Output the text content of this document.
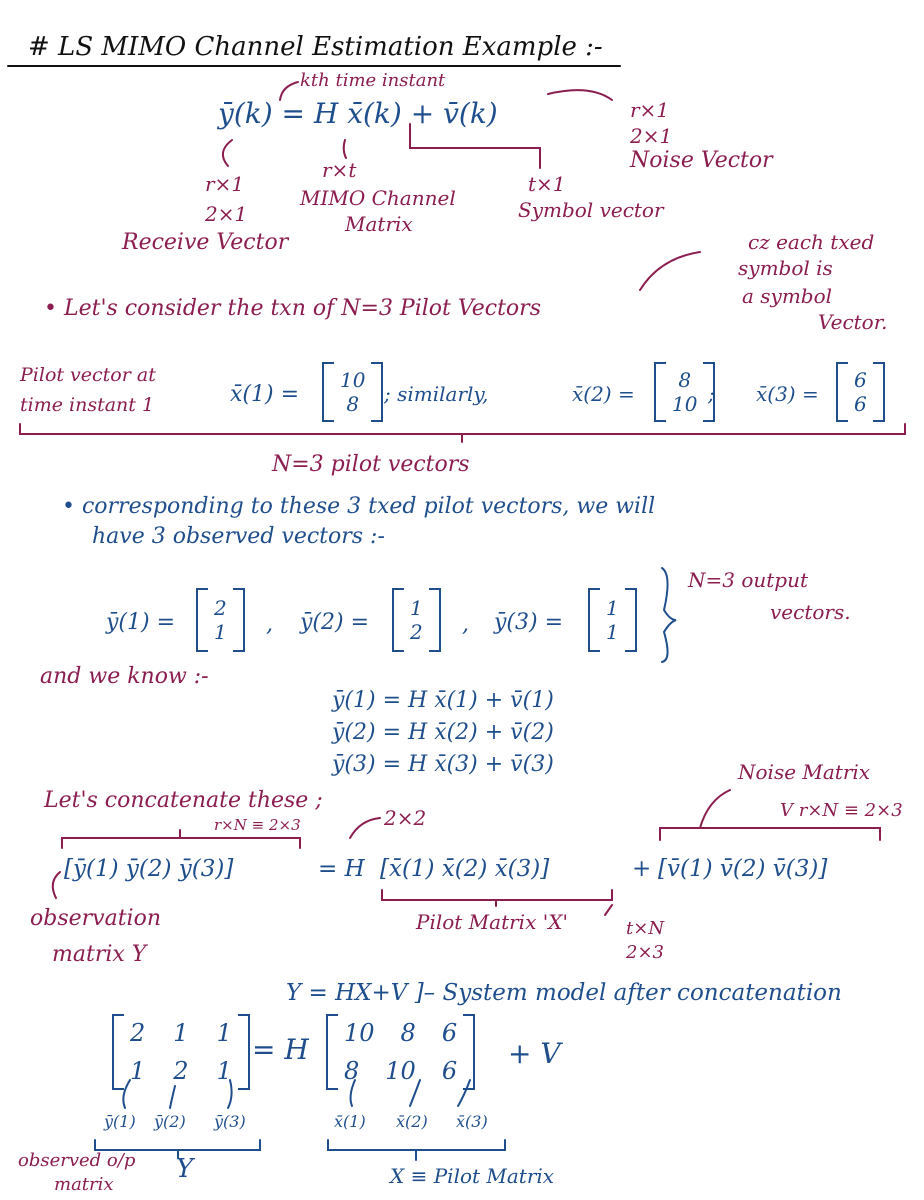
# LS MIMO Channel Estimation Example :-
kth time instant
ȳ(k) = H x̄(k) + v̄(k)
r×1
2×1
Receive Vector
r×t
MIMO Channel
Matrix
t×1
Symbol vector
r×1
2×1
Noise Vector
• Let's consider the txn of N=3 Pilot Vectors
cz each txed
symbol is
a symbol
Vector.
Pilot vector at
time instant 1	x̄(1) =
10
8	; similarly,	x̄(2) =
8
10 ; x̄(3) =
6
6
N=3 pilot vectors
• corresponding to these 3 txed pilot vectors, we will
have 3 observed vectors :-
ȳ(1) =
2
1 , ȳ(2) =
1
2 , ȳ(3) =
1
1
N=3 output
vectors.
and we know :-
ȳ(1) = H x̄(1) + v̄(1)
ȳ(2) = H x̄(2) + v̄(2)
ȳ(3) = H x̄(3) + v̄(3)
Let's concatenate these ;
r×N ≡ 2×3	2×2
Noise Matrix
V r×N ≡ 2×3
[ȳ(1) ȳ(2) ȳ(3)]	= H [x̄(1) x̄(2) x̄(3)]	+ [v̄(1) v̄(2) v̄(3)]
observation
matrix Y
Pilot Matrix 'X'	t×N
2×3
Y = HX+V ]– System model after concatenation
2 1 1
1 2 1
= H 10 8 6
8 10 6
+ V
ȳ(1) ȳ(2) ȳ(3)	x̄(1) x̄(2) x̄(3)
observed o/p
matrix
Y	X ≡ Pilot Matrix
